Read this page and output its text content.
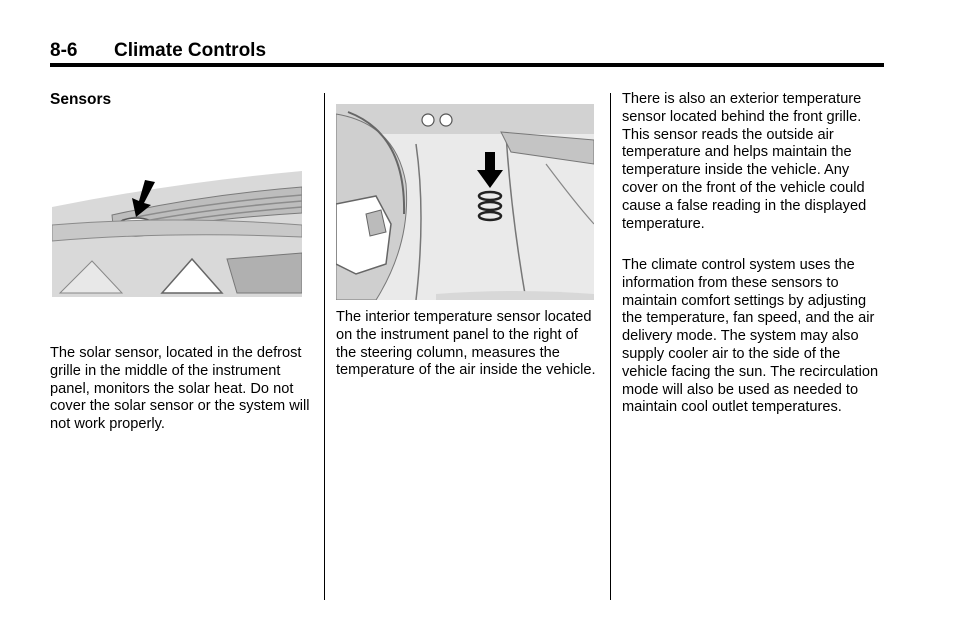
8-6 Climate Controls
Sensors

The solar sensor, located in the defrost grille in the middle of the instrument panel, monitors the solar heat. Do not cover the solar sensor or the system will not work properly.

The interior temperature sensor located on the instrument panel to the right of the steering column, measures the temperature of the air inside the vehicle.

There is also an exterior temperature sensor located behind the front grille. This sensor reads the outside air temperature and helps maintain the temperature inside the vehicle. Any cover on the front of the vehicle could cause a false reading in the displayed temperature.

The climate control system uses the information from these sensors to maintain comfort settings by adjusting the temperature, fan speed, and the air delivery mode. The system may also supply cooler air to the side of the vehicle facing the sun. The recirculation mode will also be used as needed to maintain cool outlet temperatures.
